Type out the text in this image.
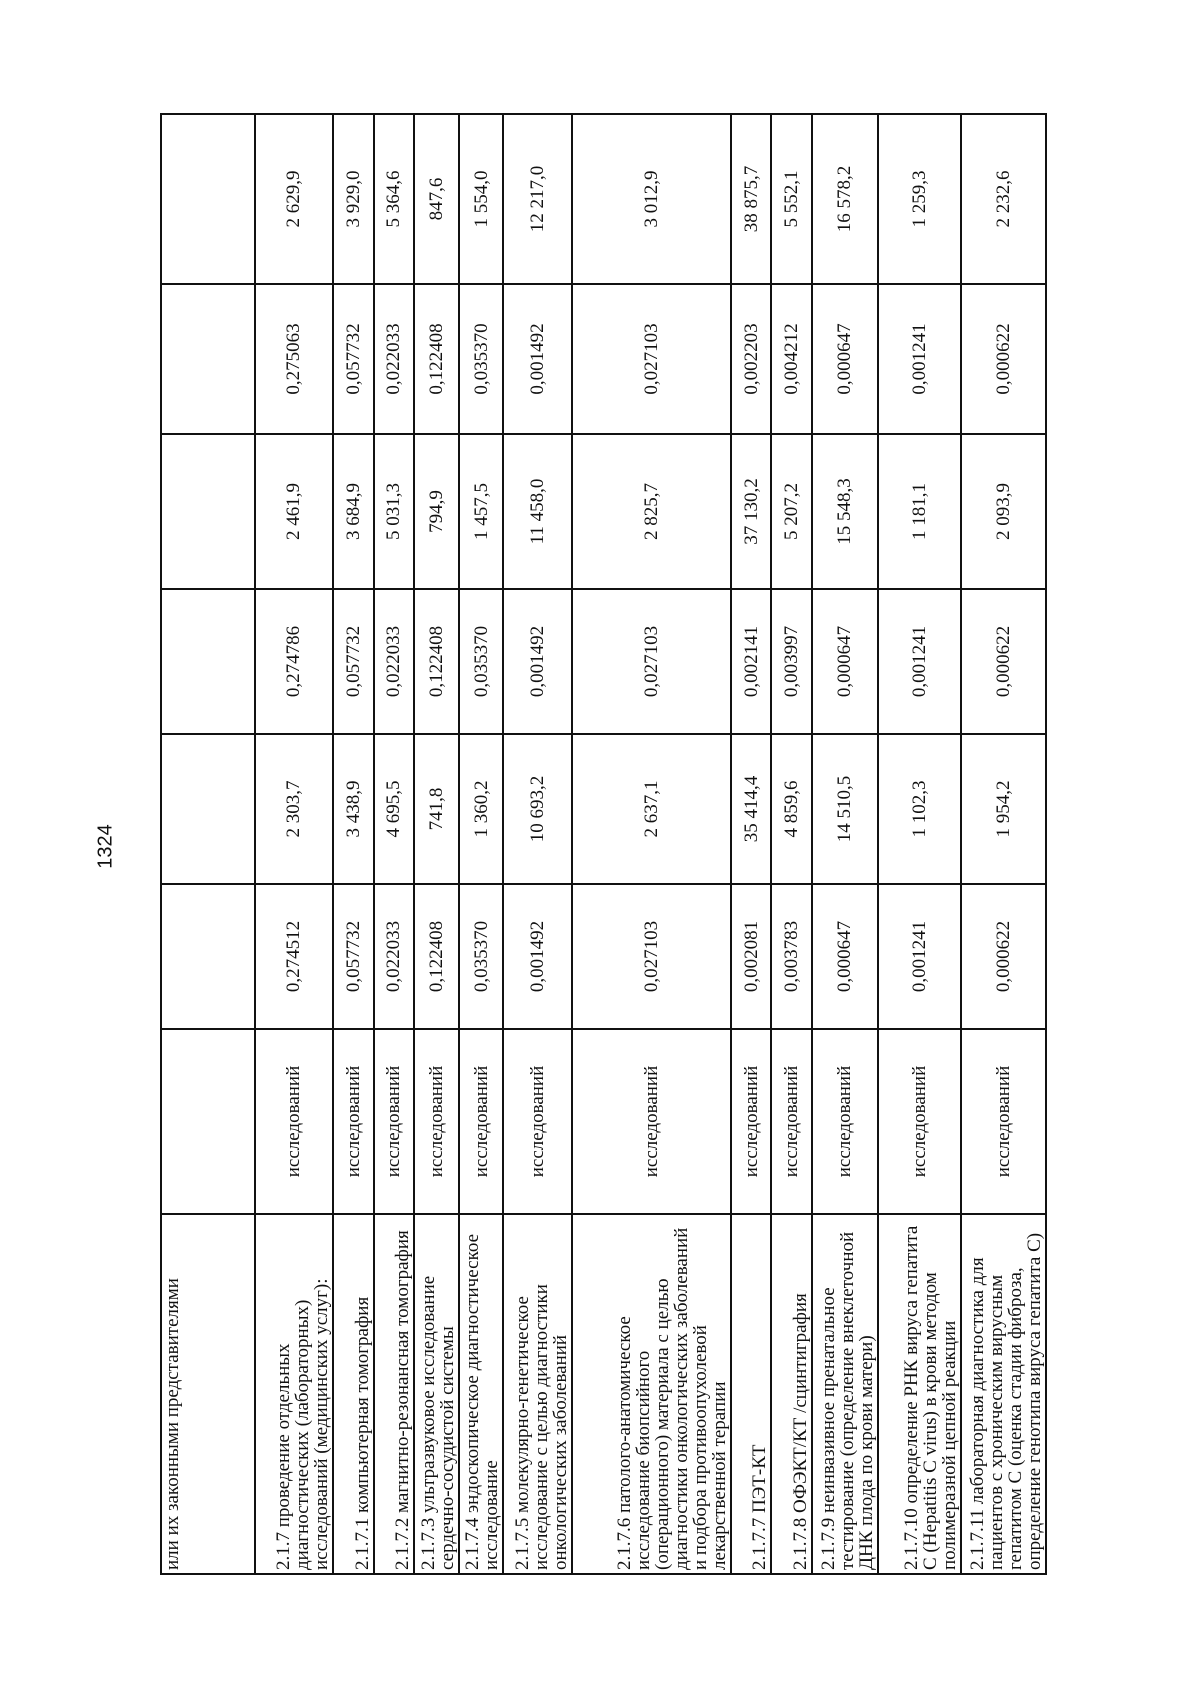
1324
или их законными представителями							
2.1.7 проведение отдельных диагностических (лабораторных) исследований (медицинских услуг):	исследований	0,274512	2 303,7	0,274786	2 461,9	0,275063	2 629,9
2.1.7.1 компьютерная томография	исследований	0,057732	3 438,9	0,057732	3 684,9	0,057732	3 929,0
2.1.7.2 магнитно-резонансная томография	исследований	0,022033	4 695,5	0,022033	5 031,3	0,022033	5 364,6
2.1.7.3 ультразвуковое исследование сердечно-сосудистой системы	исследований	0,122408	741,8	0,122408	794,9	0,122408	847,6
2.1.7.4 эндоскопическое диагностическое исследование	исследований	0,035370	1 360,2	0,035370	1 457,5	0,035370	1 554,0
2.1.7.5 молекулярно-генетическое исследование с целью диагностики онкологических заболеваний	исследований	0,001492	10 693,2	0,001492	11 458,0	0,001492	12 217,0
2.1.7.6 патолого-анатомическое исследование биопсийного (операционного) материала с целью диагностики онкологических заболеваний и подбора противоопухолевой лекарственной терапии	исследований	0,027103	2 637,1	0,027103	2 825,7	0,027103	3 012,9
2.1.7.7 ПЭТ-КТ	исследований	0,002081	35 414,4	0,002141	37 130,2	0,002203	38 875,7
2.1.7.8 ОФЭКТ/КТ /сцинтиграфия	исследований	0,003783	4 859,6	0,003997	5 207,2	0,004212	5 552,1
2.1.7.9 неинвазивное пренатальное тестирование (определение внеклеточной ДНК плода по крови матери)	исследований	0,000647	14 510,5	0,000647	15 548,3	0,000647	16 578,2
2.1.7.10 определение РНК вируса гепатита С (Hepatitis C virus) в крови методом полимеразной цепной реакции	исследований	0,001241	1 102,3	0,001241	1 181,1	0,001241	1 259,3
2.1.7.11 лабораторная диагностика для пациентов с хроническим вирусным гепатитом С (оценка стадии фиброза, определение генотипа вируса гепатита С)	исследований	0,000622	1 954,2	0,000622	2 093,9	0,000622	2 232,6
